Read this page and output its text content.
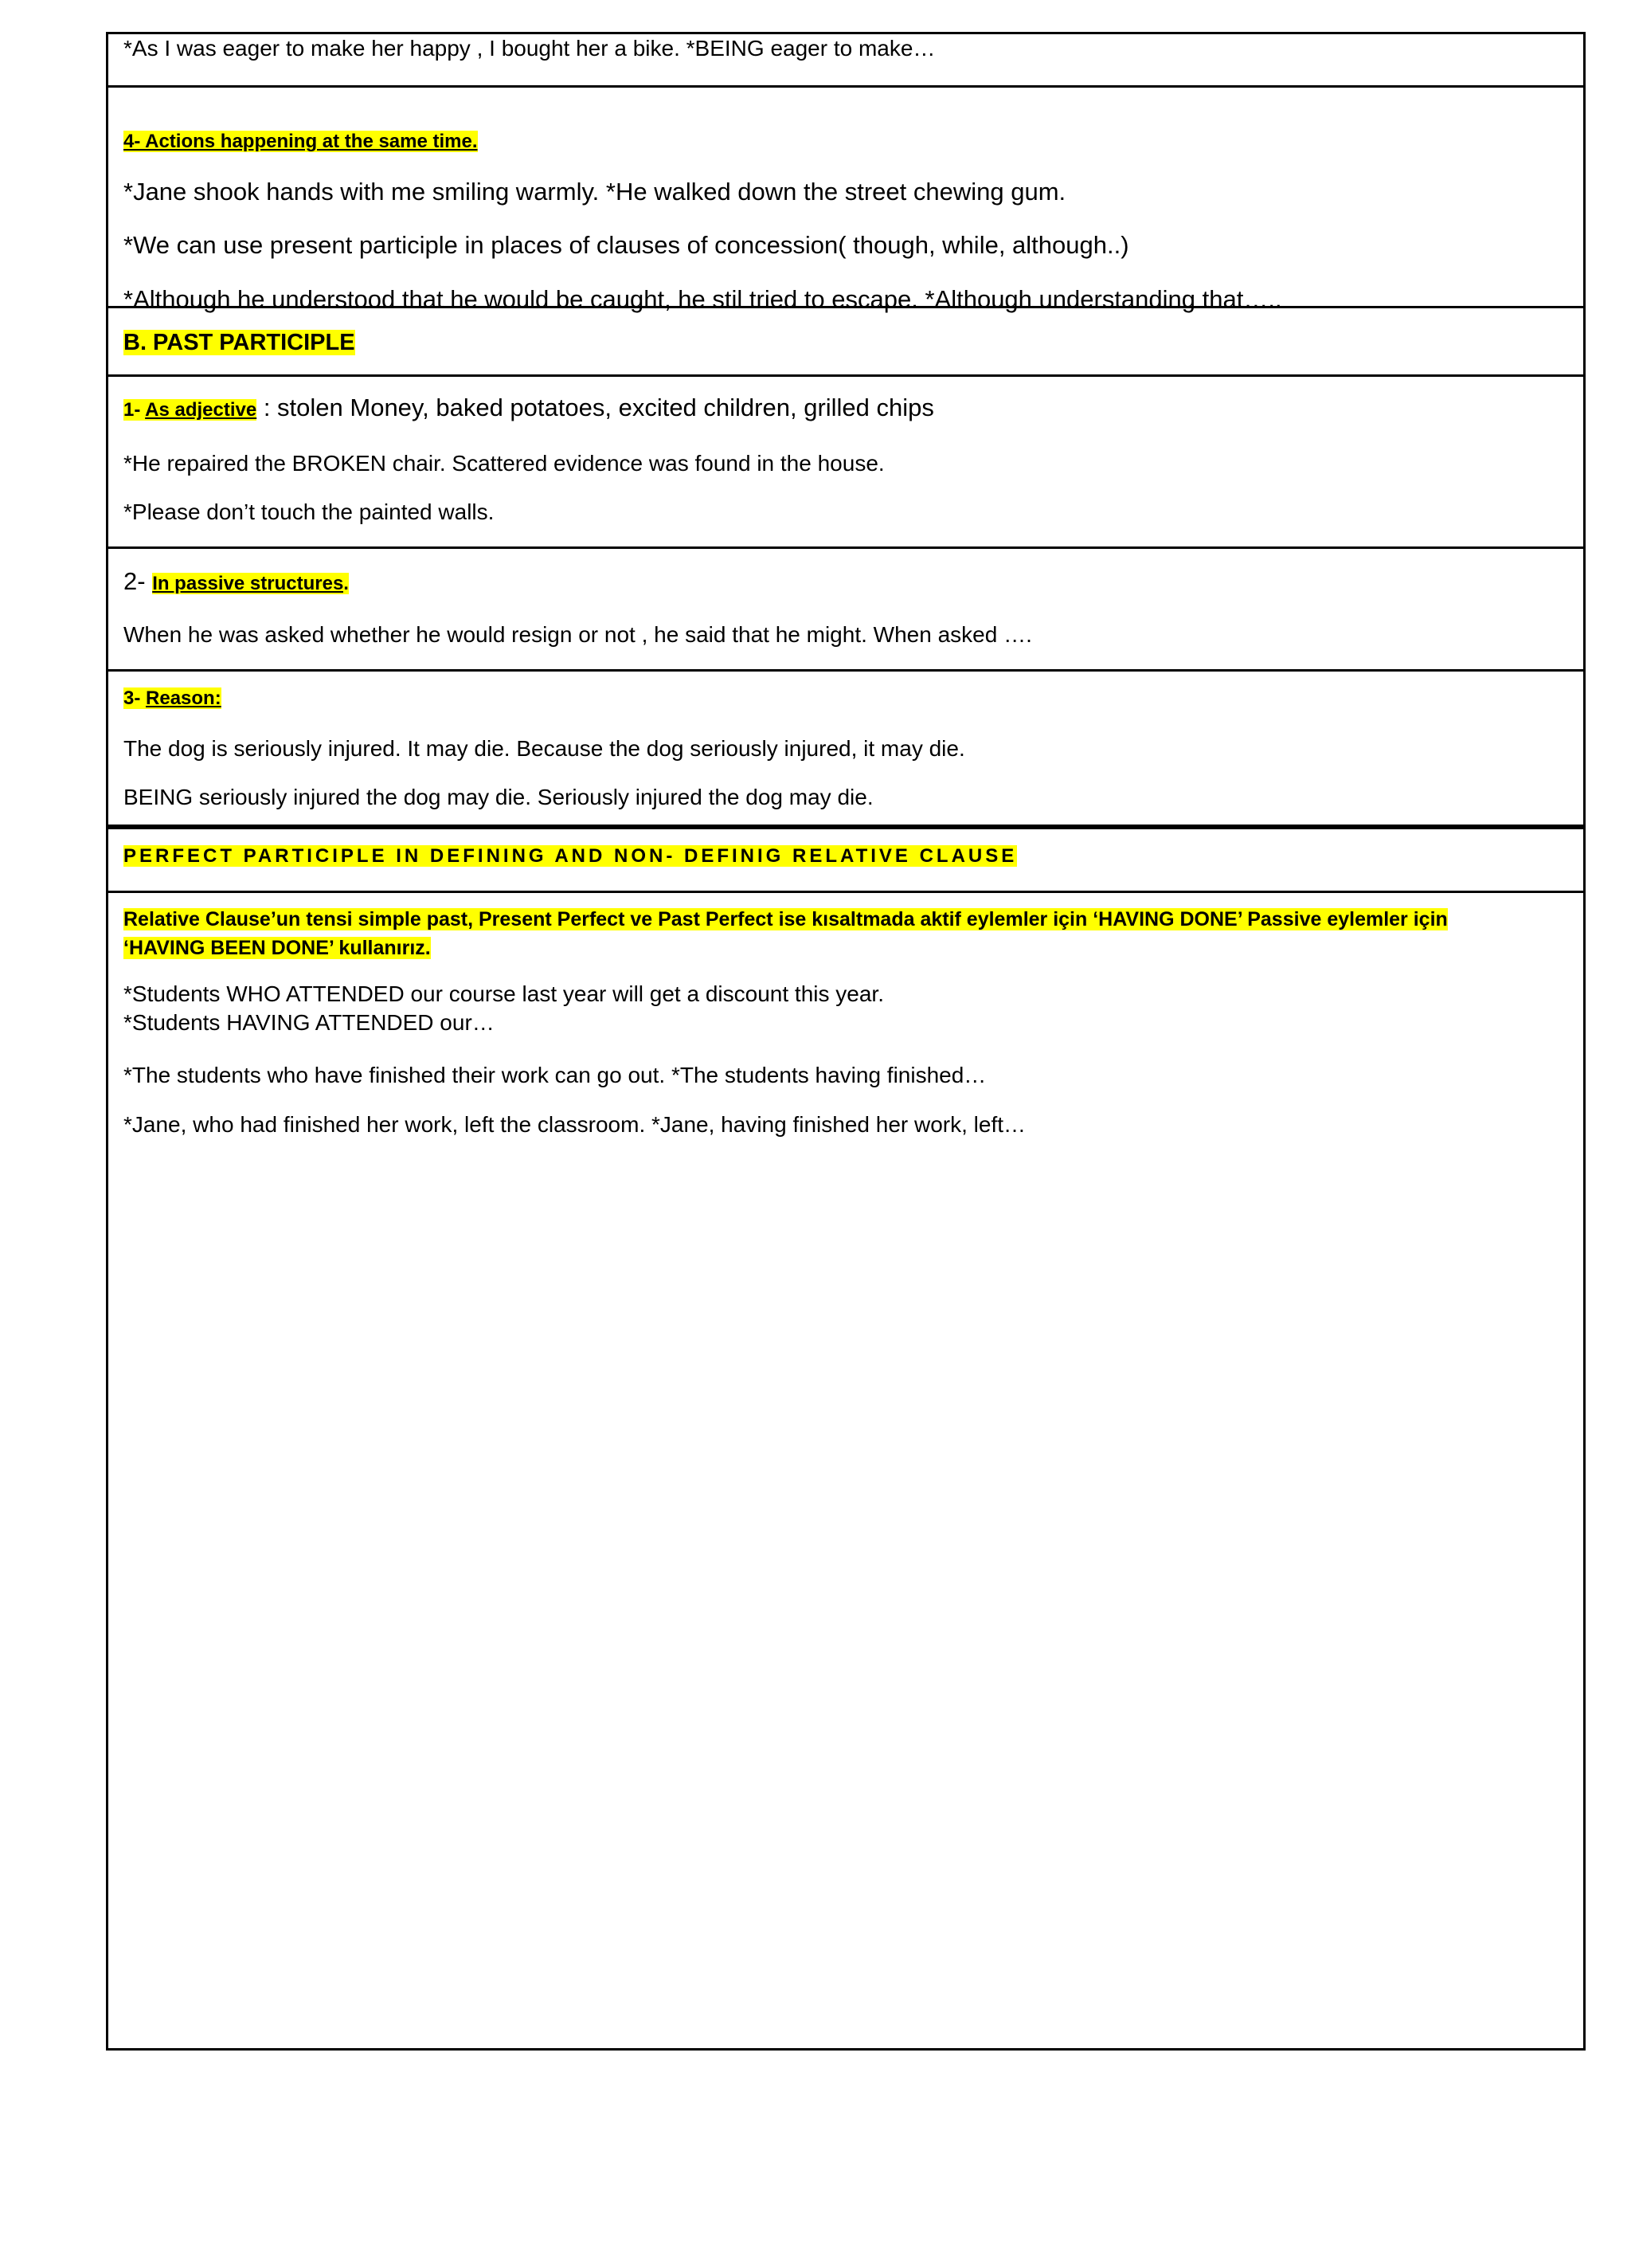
*As I was eager to make her happy , I bought her a bike. *BEING eager to make…
4- Actions happening at the same time.
*Jane shook hands with me smiling warmly. *He walked down the street chewing gum.
*We can use present participle in places of clauses of concession( though, while, although..)
*Although he understood that he would be caught, he stil tried to escape. *Although understanding that…..
B. PAST PARTICIPLE
1- As adjective : stolen Money, baked potatoes, excited children, grilled chips
*He repaired the BROKEN chair. Scattered evidence was found in the house.
*Please don’t touch the painted walls.
2- In passive structures.
When he was asked whether he would resign or not , he said that he might. When asked ….
3- Reason:
The dog is seriously injured. It may die. Because the dog seriously injured, it may die.
BEING seriously injured the dog may die. Seriously injured the dog may die.
PERFECT PARTICIPLE IN DEFINING AND NON- DEFINIG RELATIVE CLAUSE
Relative Clause’un tensi simple past, Present Perfect ve Past Perfect ise kısaltmada aktif eylemler için ‘HAVING DONE’ Passive eylemler için
‘HAVING BEEN DONE’ kullanırız.
*Students WHO ATTENDED our course last year will get a discount this year.
*Students HAVING ATTENDED our…
*The students who have finished their work can go out. *The students having finished…
*Jane, who had finished her work, left the classroom. *Jane, having finished her work, left…
